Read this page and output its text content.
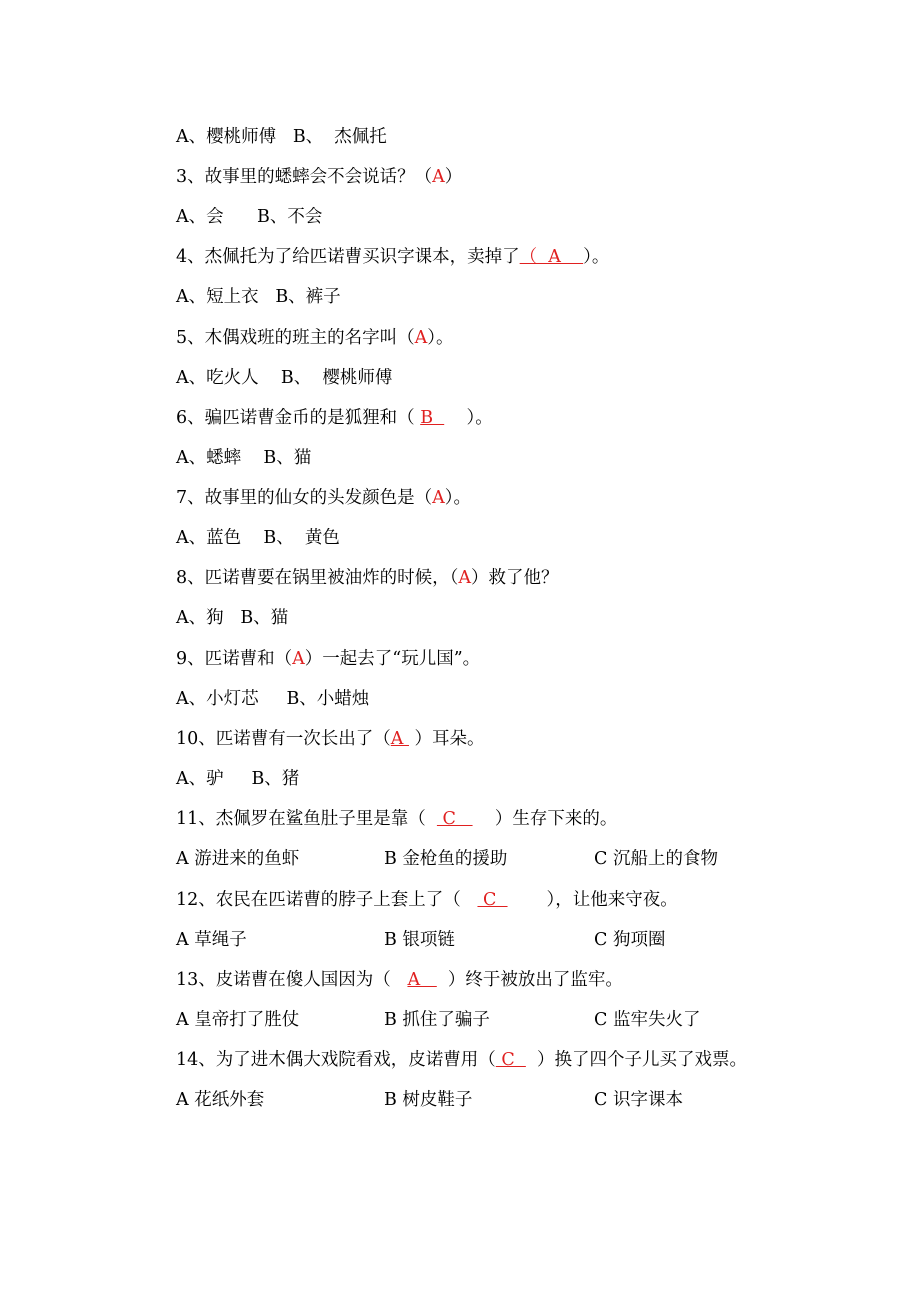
A、樱桃师傅   B、  杰佩托
3、故事里的蟋蟀会不会说话？（A）
A、会      B、不会
4、杰佩托为了给匹诺曹买识字课本，卖掉了（  A    ）。
A、短上衣   B、裤子
5、木偶戏班的班主的名字叫（A）。
A、吃火人    B、  樱桃师傅
6、骗匹诺曹金币的是狐狸和（ B      ）。
A、蟋蟀    B、猫
7、故事里的仙女的头发颜色是（A）。
A、蓝色    B、  黄色
8、匹诺曹要在锅里被油炸的时候，（A）救了他？
A、狗   B、猫
9、匹诺曹和（A）一起去了“玩儿国”。
A、小灯芯     B、小蜡烛
10、匹诺曹有一次长出了（A  ）耳朵。
A、驴     B、猪
11、杰佩罗在鲨鱼肚子里是靠（   C       ）生存下来的。

A 游进来的鱼虾

	B 金枪鱼的援助

	C 沉船上的食物

12、农民在匹诺曹的脖子上套上了（    C         ），让他来守夜。

A 草绳子

	B 银项链

	C 狗项圈

13、皮诺曹在傻人国因为（   A     ）终于被放出了监牢。

A 皇帝打了胜仗

	B 抓住了骗子

	C 监牢失火了

14、为了进木偶大戏院看戏，皮诺曹用（ C    ）换了四个子儿买了戏票。

A 花纸外套

	B 树皮鞋子

	C 识字课本
